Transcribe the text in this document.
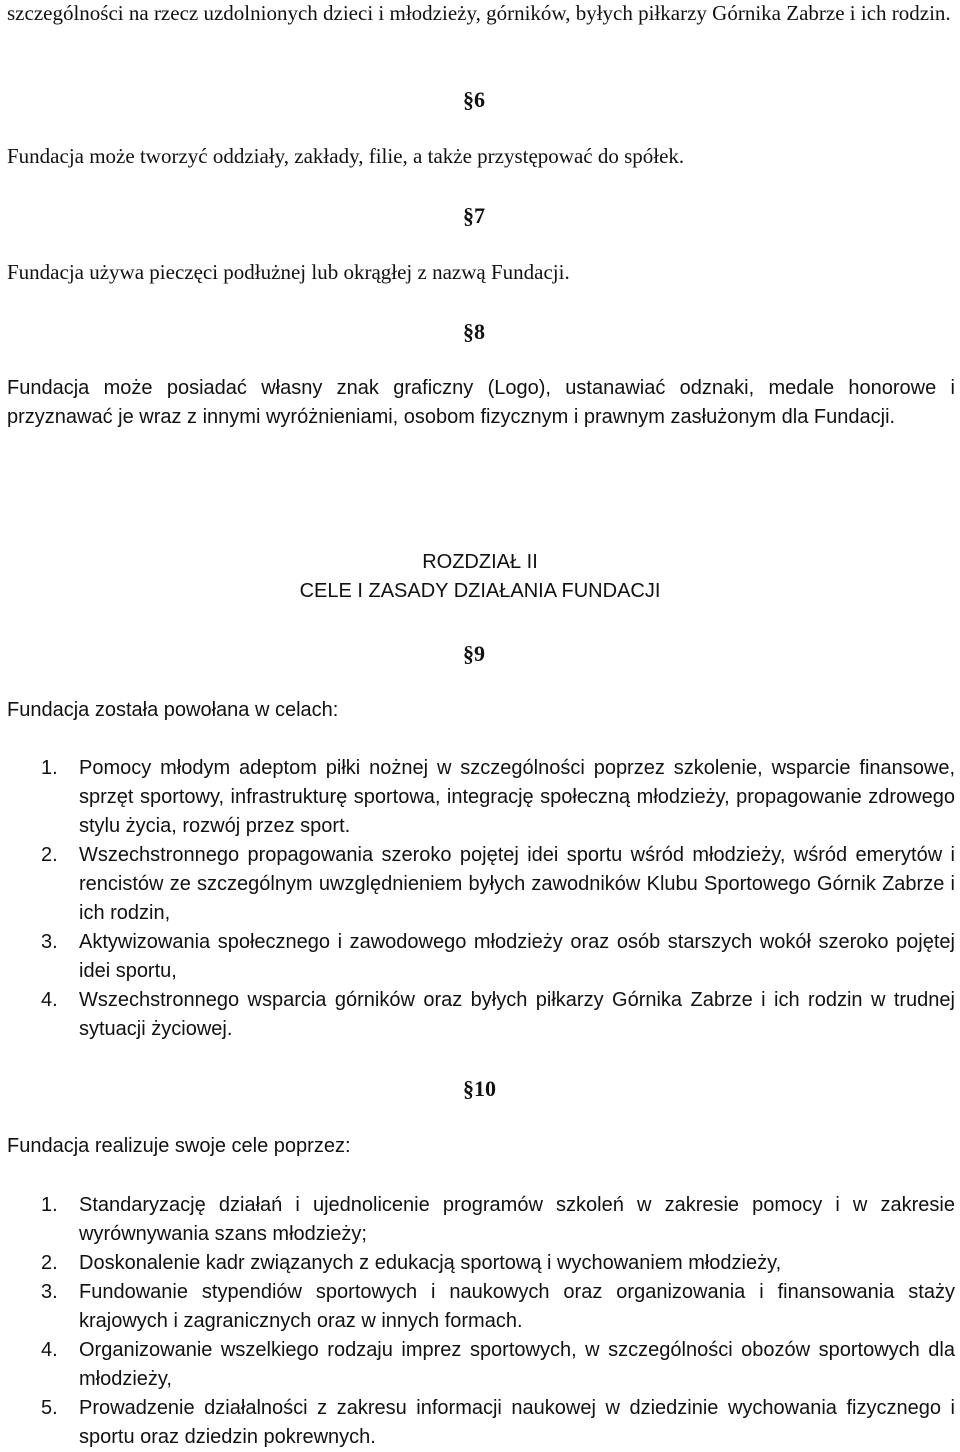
szczególności na rzecz uzdolnionych dzieci i młodzieży, górników, byłych piłkarzy Górnika Zabrze i ich rodzin.
§6
Fundacja może tworzyć oddziały, zakłady, filie, a także przystępować do spółek.
§7
Fundacja używa pieczęci podłużnej lub okrągłej z nazwą Fundacji.
§8
Fundacja może posiadać własny znak graficzny (Logo), ustanawiać odznaki, medale honorowe i przyznawać je wraz z innymi wyróżnieniami, osobom fizycznym i prawnym zasłużonym dla Fundacji.
ROZDZIAŁ II
CELE I ZASADY DZIAŁANIA FUNDACJI
§9
Fundacja została powołana w celach:
1. Pomocy młodym adeptom piłki nożnej w szczególności poprzez szkolenie, wsparcie finansowe, sprzęt sportowy, infrastrukturę sportowa, integrację społeczną młodzieży, propagowanie zdrowego stylu życia, rozwój przez sport.
2. Wszechstronnego propagowania szeroko pojętej idei sportu wśród młodzieży, wśród emerytów i rencistów ze szczególnym uwzględnieniem byłych zawodników Klubu Sportowego Górnik Zabrze i ich rodzin,
3. Aktywizowania społecznego i zawodowego młodzieży oraz osób starszych wokół szeroko pojętej idei sportu,
4. Wszechstronnego wsparcia górników oraz byłych piłkarzy Górnika Zabrze i ich rodzin w trudnej sytuacji życiowej.
§10
Fundacja realizuje swoje cele poprzez:
1. Standaryzację działań i ujednolicenie programów szkoleń w zakresie pomocy i w zakresie wyrównywania szans młodzieży;
2. Doskonalenie kadr związanych z edukacją sportową i wychowaniem młodzieży,
3. Fundowanie stypendiów sportowych i naukowych oraz organizowania i finansowania staży krajowych i zagranicznych oraz w innych formach.
4. Organizowanie wszelkiego rodzaju imprez sportowych, w szczególności obozów sportowych dla młodzieży,
5. Prowadzenie działalności z zakresu informacji naukowej w dziedzinie wychowania fizycznego i sportu oraz dziedzin pokrewnych.
